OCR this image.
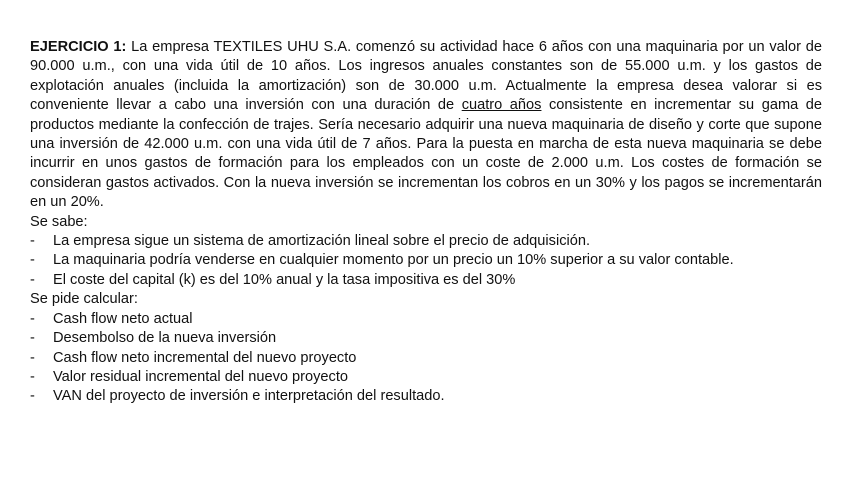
EJERCICIO 1: La empresa TEXTILES UHU S.A. comenzó su actividad hace 6 años con una maquinaria por un valor de 90.000 u.m., con una vida útil de 10 años. Los ingresos anuales constantes son de 55.000 u.m. y los gastos de explotación anuales (incluida la amortización) son de 30.000 u.m. Actualmente la empresa desea valorar si es conveniente llevar a cabo una inversión con una duración de cuatro años consistente en incrementar su gama de productos mediante la confección de trajes. Sería necesario adquirir una nueva maquinaria de diseño y corte que supone una inversión de 42.000 u.m. con una vida útil de 7 años. Para la puesta en marcha de esta nueva maquinaria se debe incurrir en unos gastos de formación para los empleados con un coste de 2.000 u.m. Los costes de formación se consideran gastos activados. Con la nueva inversión se incrementan los cobros en un 30% y los pagos se incrementarán en un 20%.

Se sabe:

- La empresa sigue un sistema de amortización lineal sobre el precio de adquisición.
- La maquinaria podría venderse en cualquier momento por un precio un 10% superior a su valor contable.
- El coste del capital (k) es del 10% anual y la tasa impositiva es del 30%

Se pide calcular:

- Cash flow neto actual
- Desembolso de la nueva inversión
- Cash flow neto incremental del nuevo proyecto
- Valor residual incremental del nuevo proyecto
- VAN del proyecto de inversión e interpretación del resultado.
